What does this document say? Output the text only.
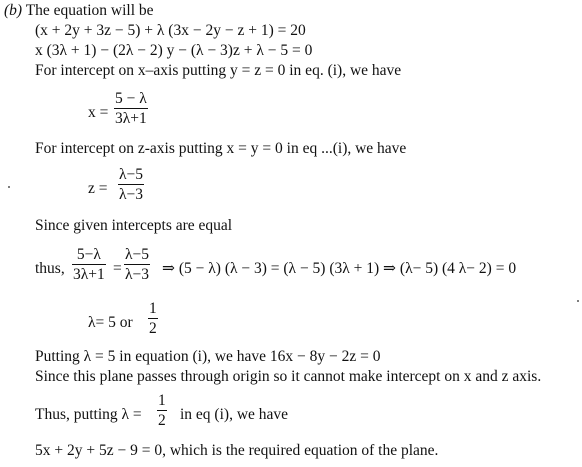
(b) The equation will be
(x + 2y + 3z − 5) + λ (3x − 2y − z + 1) = 20
x (3λ + 1) − (2λ − 2) y − (λ − 3)z + λ − 5 = 0
For intercept on x–axis putting y = z = 0 in eq. (i), we have
x =
5 − λ
3λ+1
For intercept on z-axis putting x = y = 0 in eq ...(i), we have
z =
λ−5
λ−3
Since given intercepts are equal
thus,
5−λ
3λ+1 =
λ−5
λ−3 ⇒ (5 − λ) (λ − 3) = (λ − 5) (3λ + 1) ⇒ (λ− 5) (4 λ− 2) = 0
λ= 5 or
1
2
Putting λ = 5 in equation (i), we have 16x − 8y − 2z = 0
Since this plane passes through origin so it cannot make intercept on x and z axis.
Thus, putting λ =
1
2 in eq (i), we have
5x + 2y + 5z − 9 = 0, which is the required equation of the plane.
